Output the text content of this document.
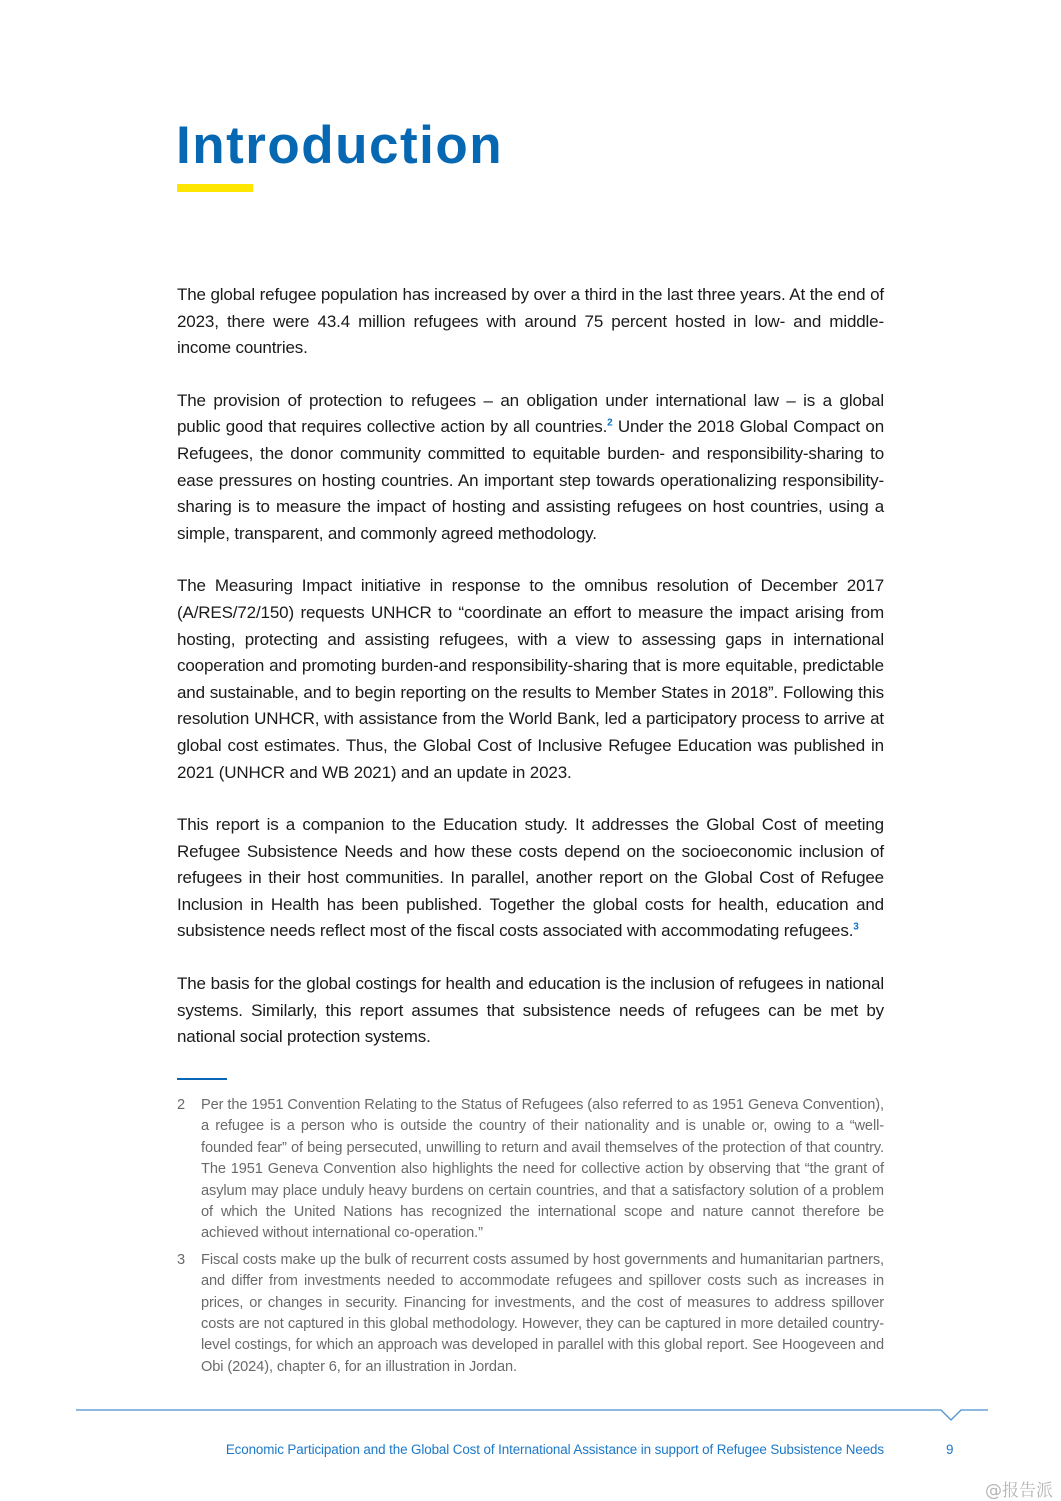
Introduction

The global refugee population has increased by over a third in the last three years. At the end of 2023, there were 43.4 million refugees with around 75 percent hosted in low- and middle-income countries.

The provision of protection to refugees – an obligation under international law – is a global public good that requires collective action by all countries.$^2$ Under the 2018 Global Compact on Refugees, the donor community committed to equitable burden- and responsibility-sharing to ease pressures on hosting countries. An important step towards operationalizing responsibility-sharing is to measure the impact of hosting and assisting refugees on host countries, using a simple, transparent, and commonly agreed methodology.

The Measuring Impact initiative in response to the omnibus resolution of December 2017 (A/RES/72/150) requests UNHCR to “coordinate an effort to measure the impact arising from hosting, protecting and assisting refugees, with a view to assessing gaps in international cooperation and promoting burden-and responsibility-sharing that is more equitable, predictable and sustainable, and to begin reporting on the results to Member States in 2018”. Following this resolution UNHCR, with assistance from the World Bank, led a participatory process to arrive at global cost estimates. Thus, the Global Cost of Inclusive Refugee Education was published in 2021 (UNHCR and WB 2021) and an update in 2023.

This report is a companion to the Education study. It addresses the Global Cost of meeting Refugee Subsistence Needs and how these costs depend on the socioeconomic inclusion of refugees in their host communities. In parallel, another report on the Global Cost of Refugee Inclusion in Health has been published. Together the global costs for health, education and subsistence needs reflect most of the fiscal costs associated with accommodating refugees.$^3$

The basis for the global costings for health and education is the inclusion of refugees in national systems. Similarly, this report assumes that subsistence needs of refugees can be met by national social protection systems.

2	Per the 1951 Convention Relating to the Status of Refugees (also referred to as 1951 Geneva Convention), a refugee is a person who is outside the country of their nationality and is unable or, owing to a “well-founded fear” of being persecuted, unwilling to return and avail themselves of the protection of that country. The 1951 Geneva Convention also highlights the need for collective action by observing that “the grant of asylum may place unduly heavy burdens on certain countries, and that a satisfactory solution of a problem of which the United Nations has recognized the international scope and nature cannot therefore be achieved without international co-operation.”
3	Fiscal costs make up the bulk of recurrent costs assumed by host governments and humanitarian partners, and differ from investments needed to accommodate refugees and spillover costs such as increases in prices, or changes in security. Financing for investments, and the cost of measures to address spillover costs are not captured in this global methodology. However, they can be captured in more detailed country-level costings, for which an approach was developed in parallel with this global report. See Hoogeveen and Obi (2024), chapter 6, for an illustration in Jordan.
Economic Participation and the Global Cost of International Assistance in support of Refugee Subsistence Needs	9
@报告派
